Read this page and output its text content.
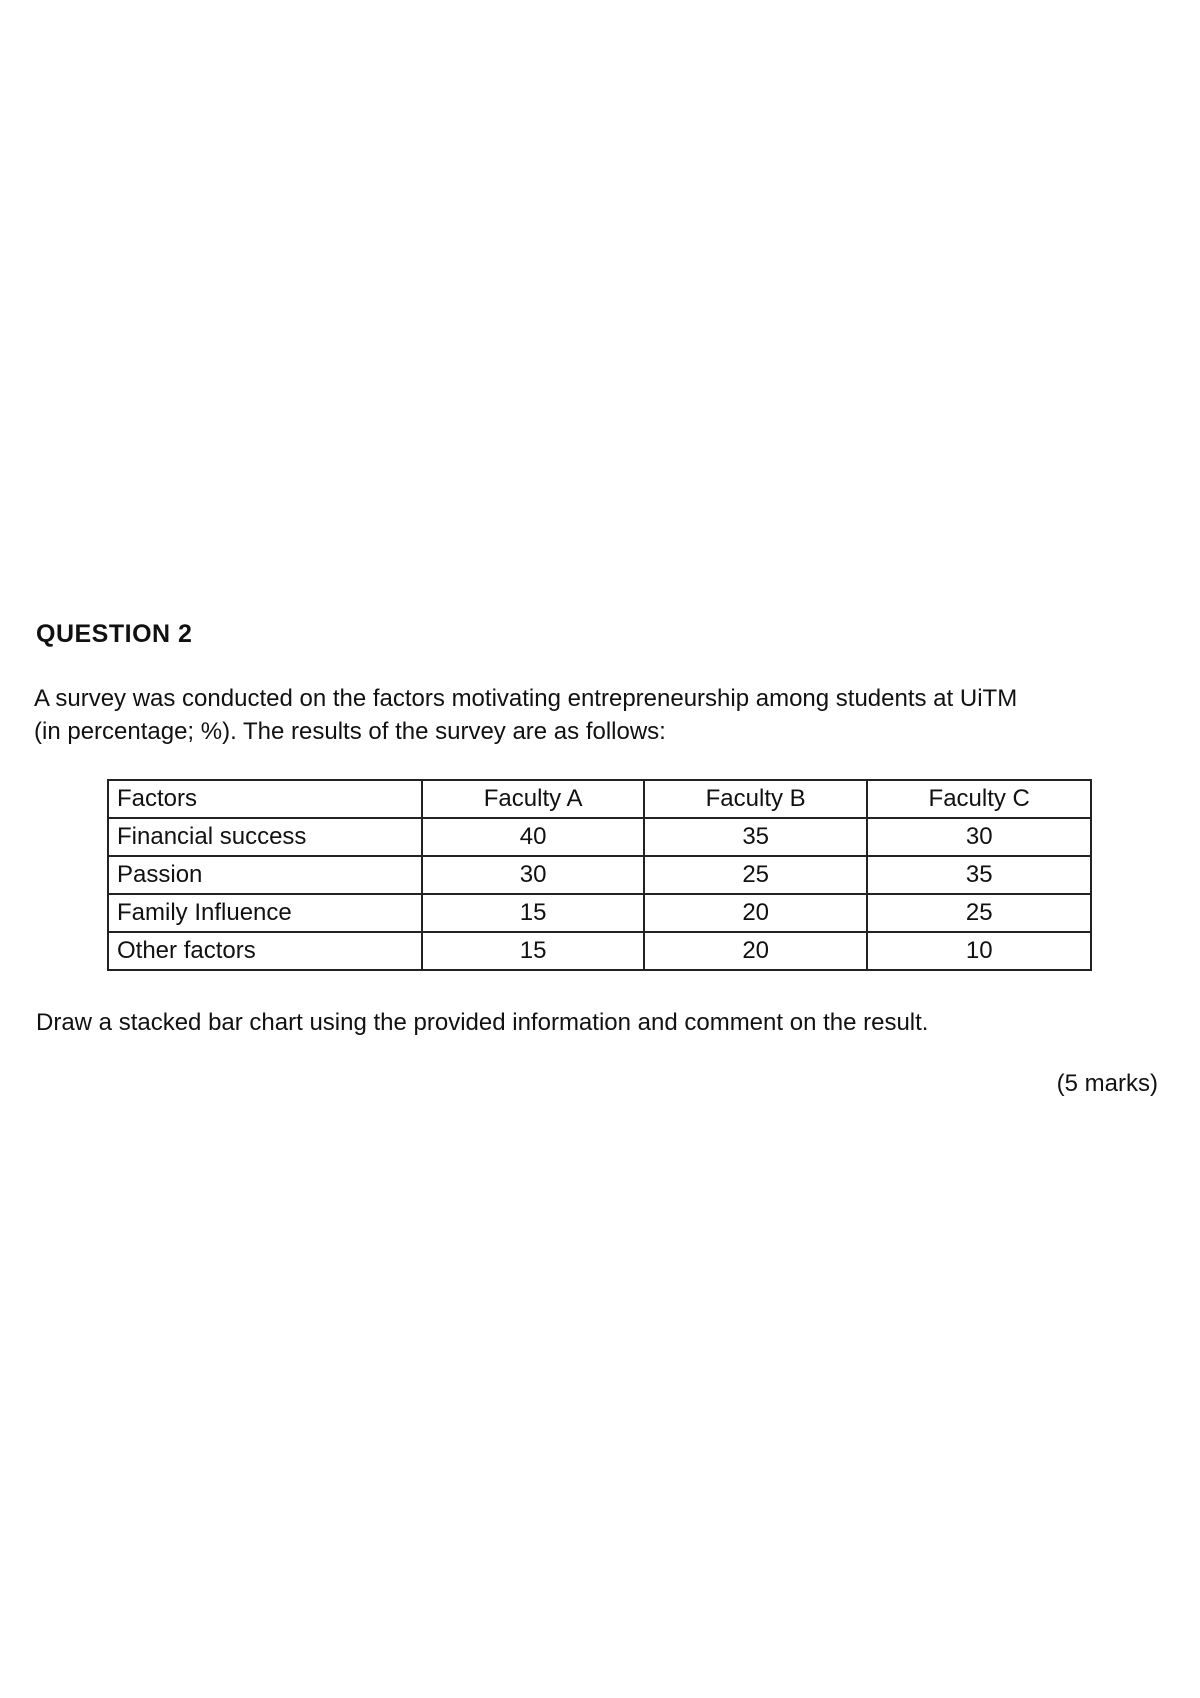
QUESTION 2

A survey was conducted on the factors motivating entrepreneurship among students at UiTM

(in percentage; %). The results of the survey are as follows:

Factors	Faculty A	Faculty B	Faculty C
Financial success	40	35	30
Passion	30	25	35
Family Influence	15	20	25
Other factors	15	20	10
Draw a stacked bar chart using the provided information and comment on the result.
(5 marks)
